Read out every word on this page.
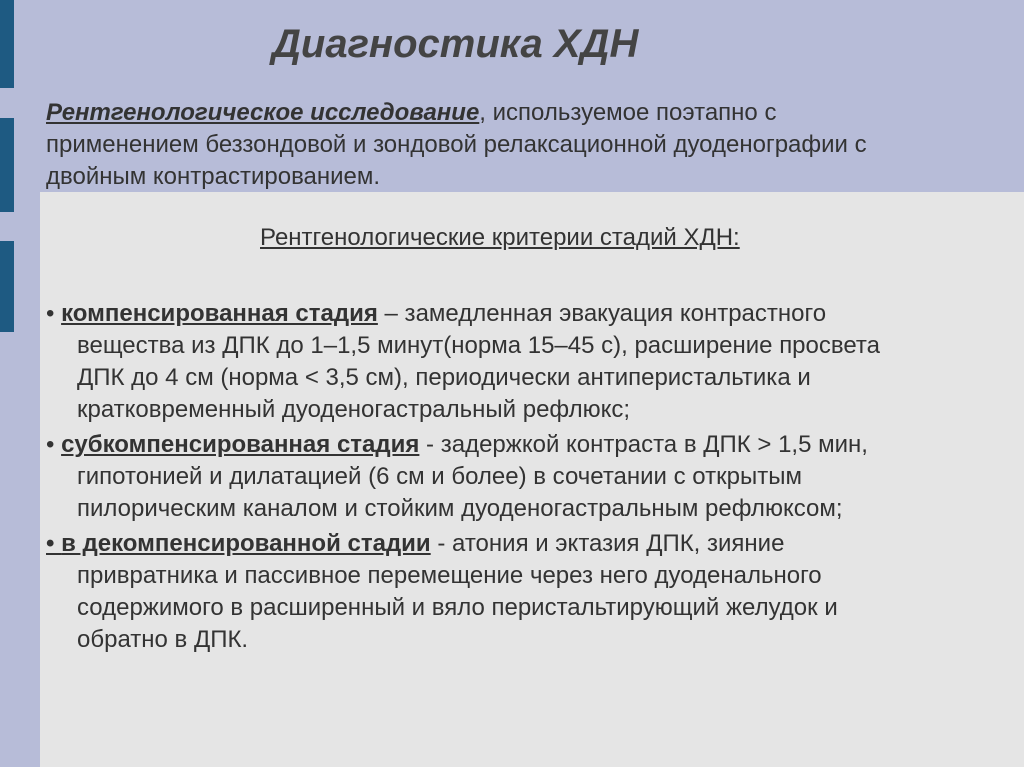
Диагностика ХДН
Рентгенологическое исследование, используемое поэтапно с
применением беззондовой и зондовой релаксационной дуоденографии с
двойным контрастированием.
Рентгенологические критерии стадий ХДН:
• компенсированная стадия – замедленная эвакуация контрастного
вещества из ДПК до 1–1,5 минут(норма 15–45 с), расширение просвета
ДПК до 4 см (норма < 3,5 см), периодически антиперистальтика и
кратковременный дуоденогастральный рефлюкс;
• субкомпенсированная стадия - задержкой контраста в ДПК > 1,5 мин,
гипотонией и дилатацией (6 см и более) в сочетании с открытым
пилорическим каналом и стойким дуоденогастральным рефлюксом;
• в декомпенсированной стадии - атония и эктазия ДПК, зияние
привратника и пассивное перемещение через него дуоденального
содержимого в расширенный и вяло перистальтирующий желудок и
обратно в ДПК.
